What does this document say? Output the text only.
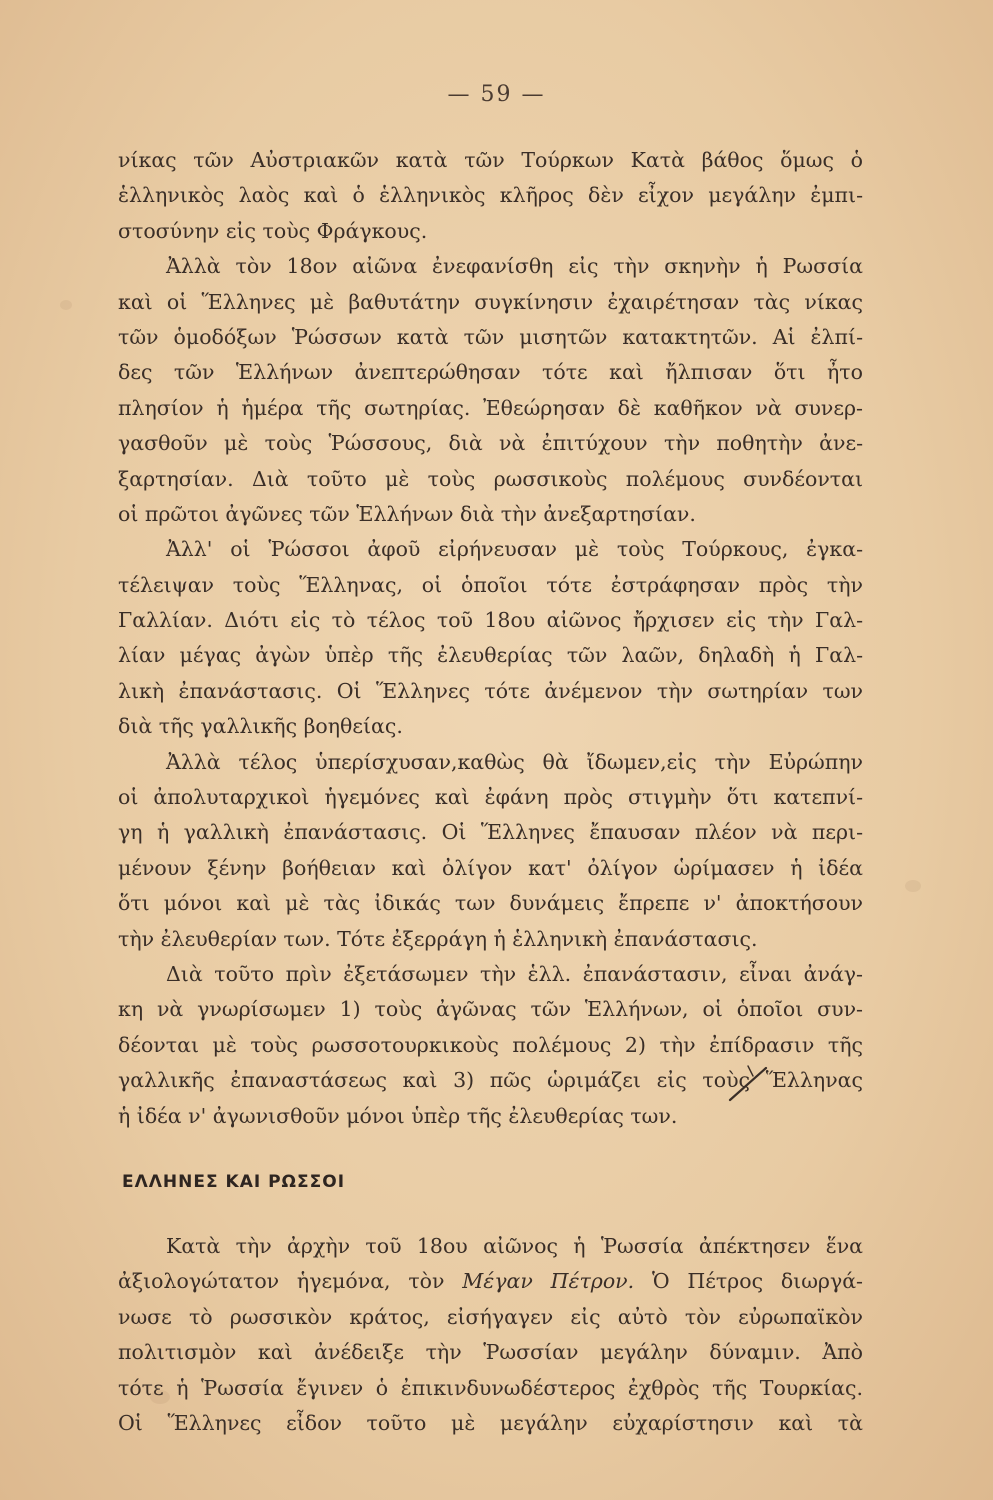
— 59 —
νίκας τῶν Αὐστριακῶν κατὰ τῶν Τούρκων Κατὰ βάθος ὅμως ὁ
ἑλληνικὸς λαὸς καὶ ὁ ἑλληνικὸς κλῆρος δὲν εἶχον μεγάλην ἐμπι-
στοσύνην εἰς τοὺς Φράγκους.
Ἀλλὰ τὸν 18ον αἰῶνα ἐνεφανίσθη εἰς τὴν σκηνὴν ἡ Ρωσσία
καὶ οἱ Ἕλληνες μὲ βαθυτάτην συγκίνησιν ἐχαιρέτησαν τὰς νίκας
τῶν ὁμοδόξων Ῥώσσων κατὰ τῶν μισητῶν κατακτητῶν. Αἱ ἐλπί-
δες τῶν Ἑλλήνων ἀνεπτερώθησαν τότε καὶ ἤλπισαν ὅτι ἦτο
πλησίον ἡ ἡμέρα τῆς σωτηρίας. Ἐθεώρησαν δὲ καθῆκον νὰ συνερ-
γασθοῦν μὲ τοὺς Ῥώσσους, διὰ νὰ ἐπιτύχουν τὴν ποθητὴν ἀνε-
ξαρτησίαν. Διὰ τοῦτο μὲ τοὺς ρωσσικοὺς πολέμους συνδέονται
οἱ πρῶτοι ἀγῶνες τῶν Ἑλλήνων διὰ τὴν ἀνεξαρτησίαν.
Ἀλλ' οἱ Ῥώσσοι ἀφοῦ εἰρήνευσαν μὲ τοὺς Τούρκους, ἐγκα-
τέλειψαν τοὺς Ἕλληνας, οἱ ὁποῖοι τότε ἐστράφησαν πρὸς τὴν
Γαλλίαν. Διότι εἰς τὸ τέλος τοῦ 18ου αἰῶνος ἤρχισεν εἰς τὴν Γαλ-
λίαν μέγας ἀγὼν ὑπὲρ τῆς ἐλευθερίας τῶν λαῶν, δηλαδὴ ἡ Γαλ-
λικὴ ἐπανάστασις. Οἱ Ἕλληνες τότε ἀνέμενον τὴν σωτηρίαν των
διὰ τῆς γαλλικῆς βοηθείας.
Ἀλλὰ τέλος ὑπερίσχυσαν,καθὼς θὰ ἴδωμεν,εἰς τὴν Εὐρώπην
οἱ ἀπολυταρχικοὶ ἡγεμόνες καὶ ἐφάνη πρὸς στιγμὴν ὅτι κατεπνί-
γη ἡ γαλλικὴ ἐπανάστασις. Οἱ Ἕλληνες ἔπαυσαν πλέον νὰ περι-
μένουν ξένην βοήθειαν καὶ ὀλίγον κατ' ὀλίγον ὡρίμασεν ἡ ἰδέα
ὅτι μόνοι καὶ μὲ τὰς ἰδικάς των δυνάμεις ἔπρεπε ν' ἀποκτήσουν
τὴν ἐλευθερίαν των. Τότε ἐξερράγη ἡ ἑλληνικὴ ἐπανάστασις.
Διὰ τοῦτο πρὶν ἐξετάσωμεν τὴν ἑλλ. ἐπανάστασιν, εἶναι ἀνάγ-
κη νὰ γνωρίσωμεν 1) τοὺς ἀγῶνας τῶν Ἑλλήνων, οἱ ὁποῖοι συν-
δέονται μὲ τοὺς ρωσσοτουρκικοὺς πολέμους 2) τὴν ἐπίδρασιν τῆς
γαλλικῆς ἐπαναστάσεως καὶ 3) πῶς ὡριμάζει εἰς τοὺς Ἕλληνας
ἡ ἰδέα ν' ἀγωνισθοῦν μόνοι ὑπὲρ τῆς ἐλευθερίας των.
ΕΛΛΗΝΕΣ ΚΑΙ ΡΩΣΣΟΙ
Κατὰ τὴν ἀρχὴν τοῦ 18ου αἰῶνος ἡ Ῥωσσία ἀπέκτησεν ἕνα
ἀξιολογώτατον ἡγεμόνα, τὸν Μέγαν Πέτρον. Ὁ Πέτρος διωργά-
νωσε τὸ ρωσσικὸν κράτος, εἰσήγαγεν εἰς αὐτὸ τὸν εὐρωπαϊκὸν
πολιτισμὸν καὶ ἀνέδειξε τὴν Ῥωσσίαν μεγάλην δύναμιν. Ἀπὸ
τότε ἡ Ῥωσσία ἔγινεν ὁ ἐπικινδυνωδέστερος ἐχθρὸς τῆς Τουρκίας.
Οἱ Ἕλληνες εἶδον τοῦτο μὲ μεγάλην εὐχαρίστησιν καὶ τὰ
